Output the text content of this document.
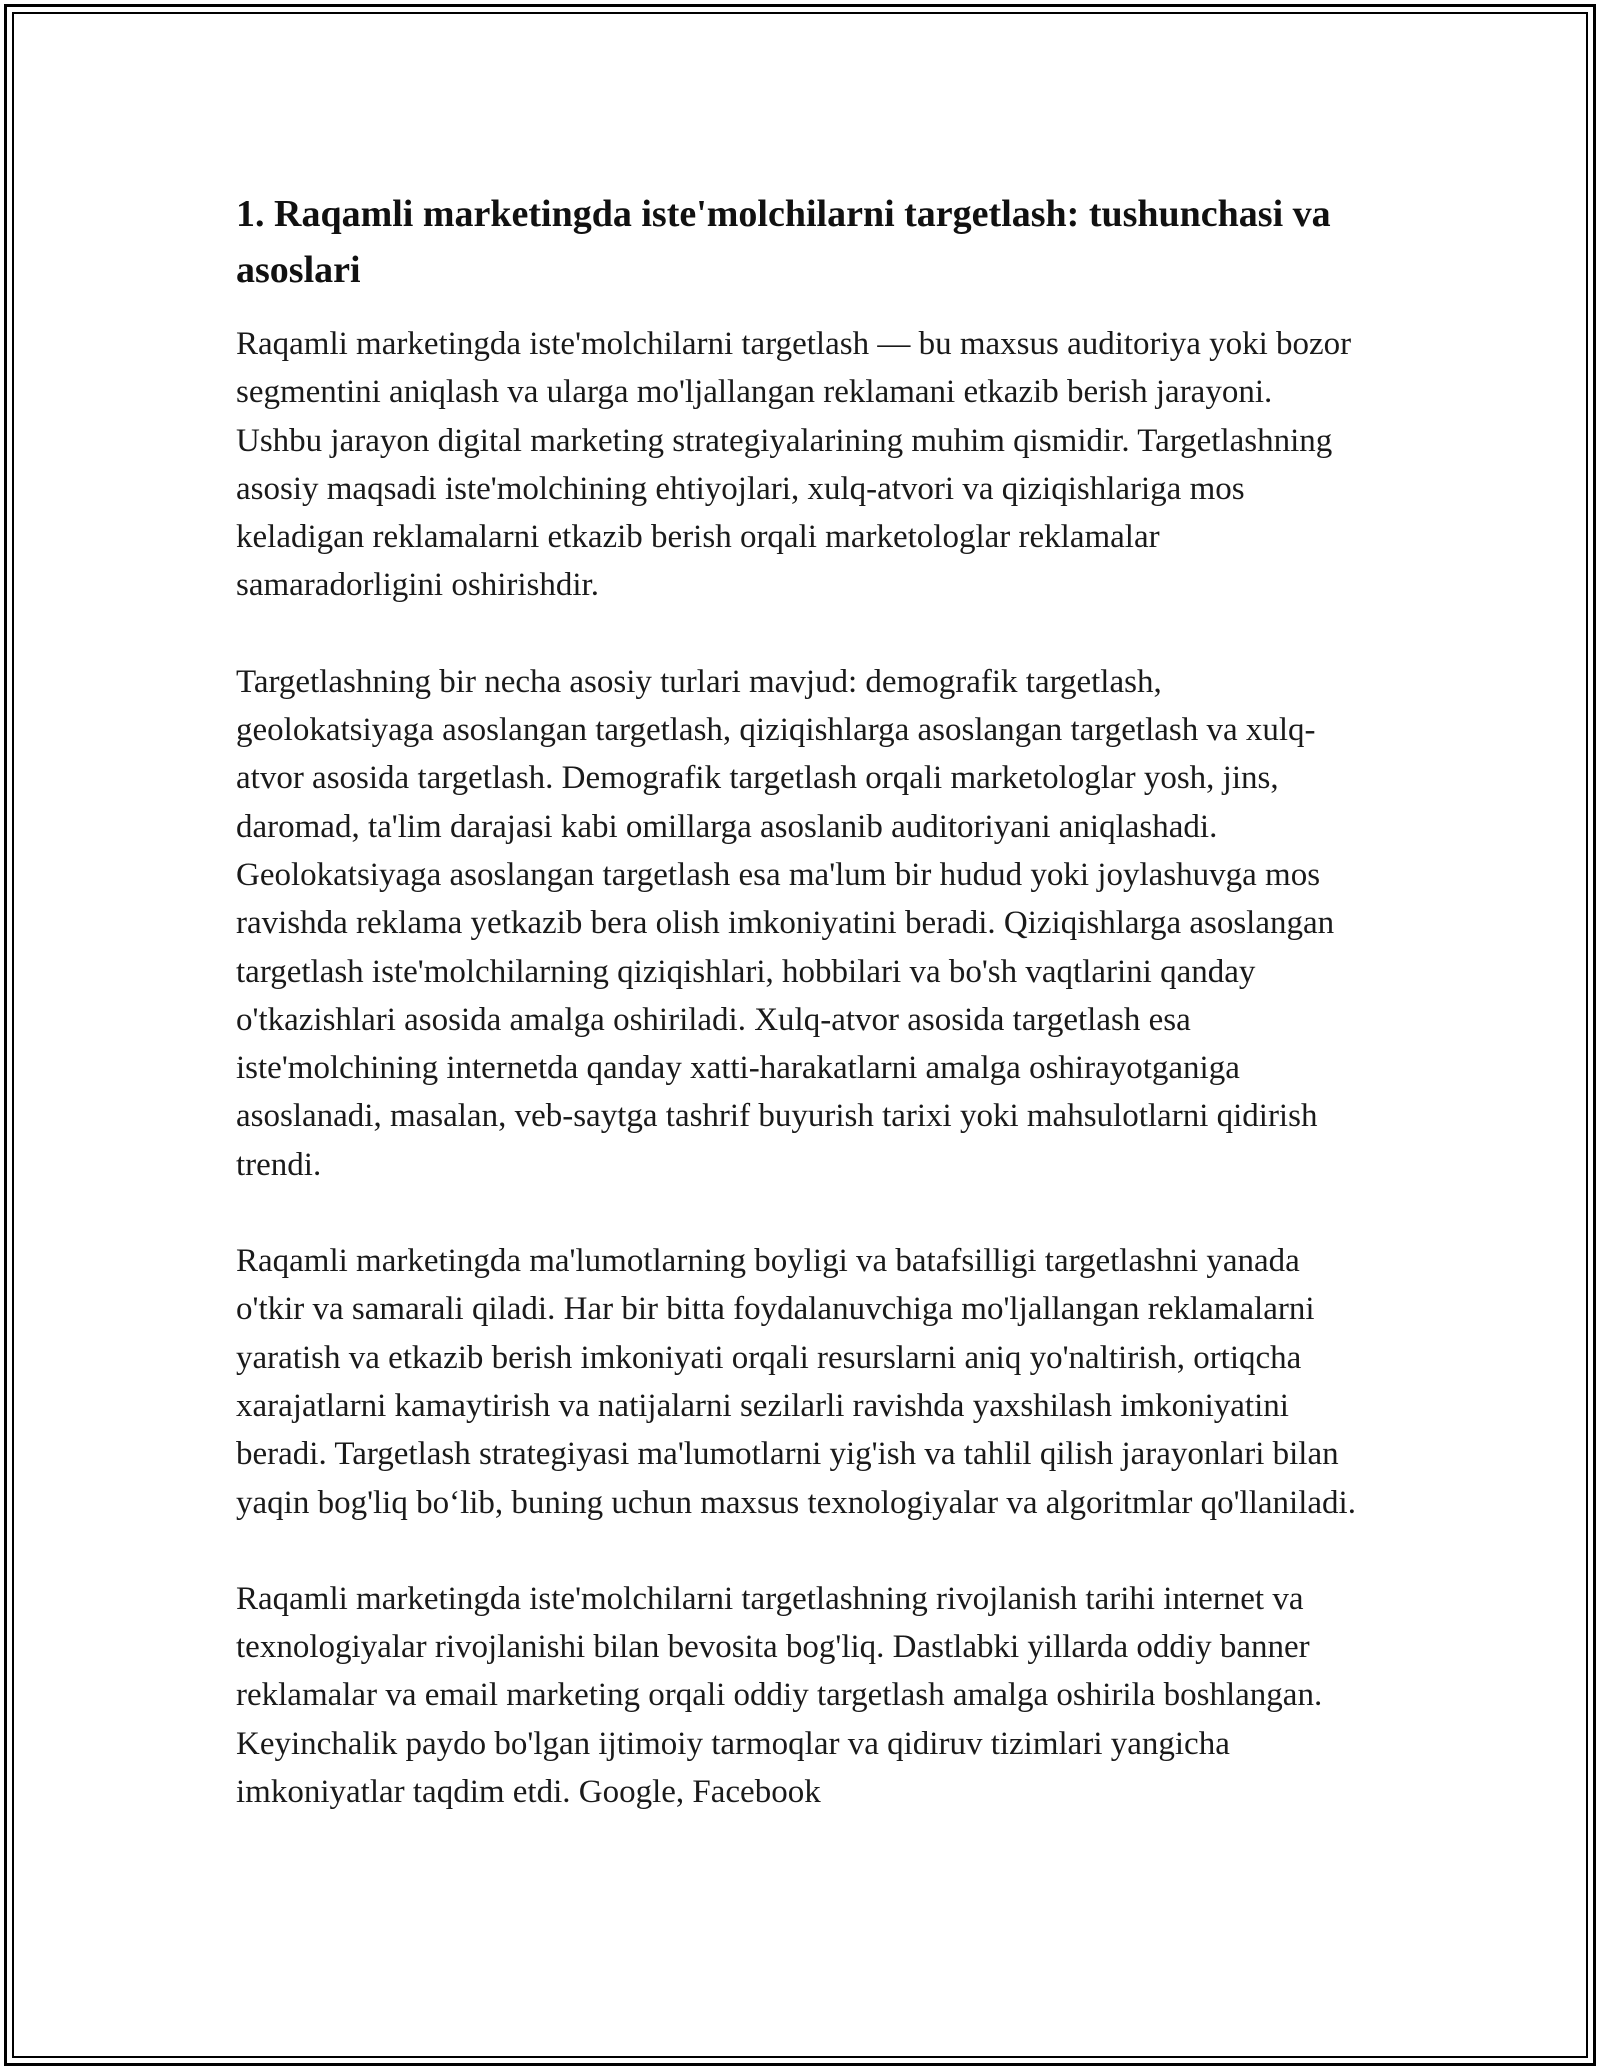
1. Raqamli marketingda iste'molchilarni targetlash: tushunchasi va asoslari

Raqamli marketingda iste'molchilarni targetlash — bu maxsus auditoriya yoki bozor segmentini aniqlash va ularga mo'ljallangan reklamani etkazib berish jarayoni. Ushbu jarayon digital marketing strategiyalarining muhim qismidir. Targetlashning asosiy maqsadi iste'molchining ehtiyojlari, xulq-atvori va qiziqishlariga mos keladigan reklamalarni etkazib berish orqali marketologlar reklamalar samaradorligini oshirishdir.

Targetlashning bir necha asosiy turlari mavjud: demografik targetlash, geolokatsiyaga asoslangan targetlash, qiziqishlarga asoslangan targetlash va xulq-atvor asosida targetlash. Demografik targetlash orqali marketologlar yosh, jins, daromad, ta'lim darajasi kabi omillarga asoslanib auditoriyani aniqlashadi. Geolokatsiyaga asoslangan targetlash esa ma'lum bir hudud yoki joylashuvga mos ravishda reklama yetkazib bera olish imkoniyatini beradi. Qiziqishlarga asoslangan targetlash iste'molchilarning qiziqishlari, hobbilari va bo'sh vaqtlarini qanday o'tkazishlari asosida amalga oshiriladi. Xulq-atvor asosida targetlash esa iste'molchining internetda qanday xatti-harakatlarni amalga oshirayotganiga asoslanadi, masalan, veb-saytga tashrif buyurish tarixi yoki mahsulotlarni qidirish trendi.

Raqamli marketingda ma'lumotlarning boyligi va batafsilligi targetlashni yanada o'tkir va samarali qiladi. Har bir bitta foydalanuvchiga mo'ljallangan reklamalarni yaratish va etkazib berish imkoniyati orqali resurslarni aniq yo'naltirish, ortiqcha xarajatlarni kamaytirish va natijalarni sezilarli ravishda yaxshilash imkoniyatini beradi. Targetlash strategiyasi ma'lumotlarni yig'ish va tahlil qilish jarayonlari bilan yaqin bog'liq bo‘lib, buning uchun maxsus texnologiyalar va algoritmlar qo'llaniladi.

Raqamli marketingda iste'molchilarni targetlashning rivojlanish tarihi internet va texnologiyalar rivojlanishi bilan bevosita bog'liq. Dastlabki yillarda oddiy banner reklamalar va email marketing orqali oddiy targetlash amalga oshirila boshlangan. Keyinchalik paydo bo'lgan ijtimoiy tarmoqlar va qidiruv tizimlari yangicha imkoniyatlar taqdim etdi. Google, Facebook
